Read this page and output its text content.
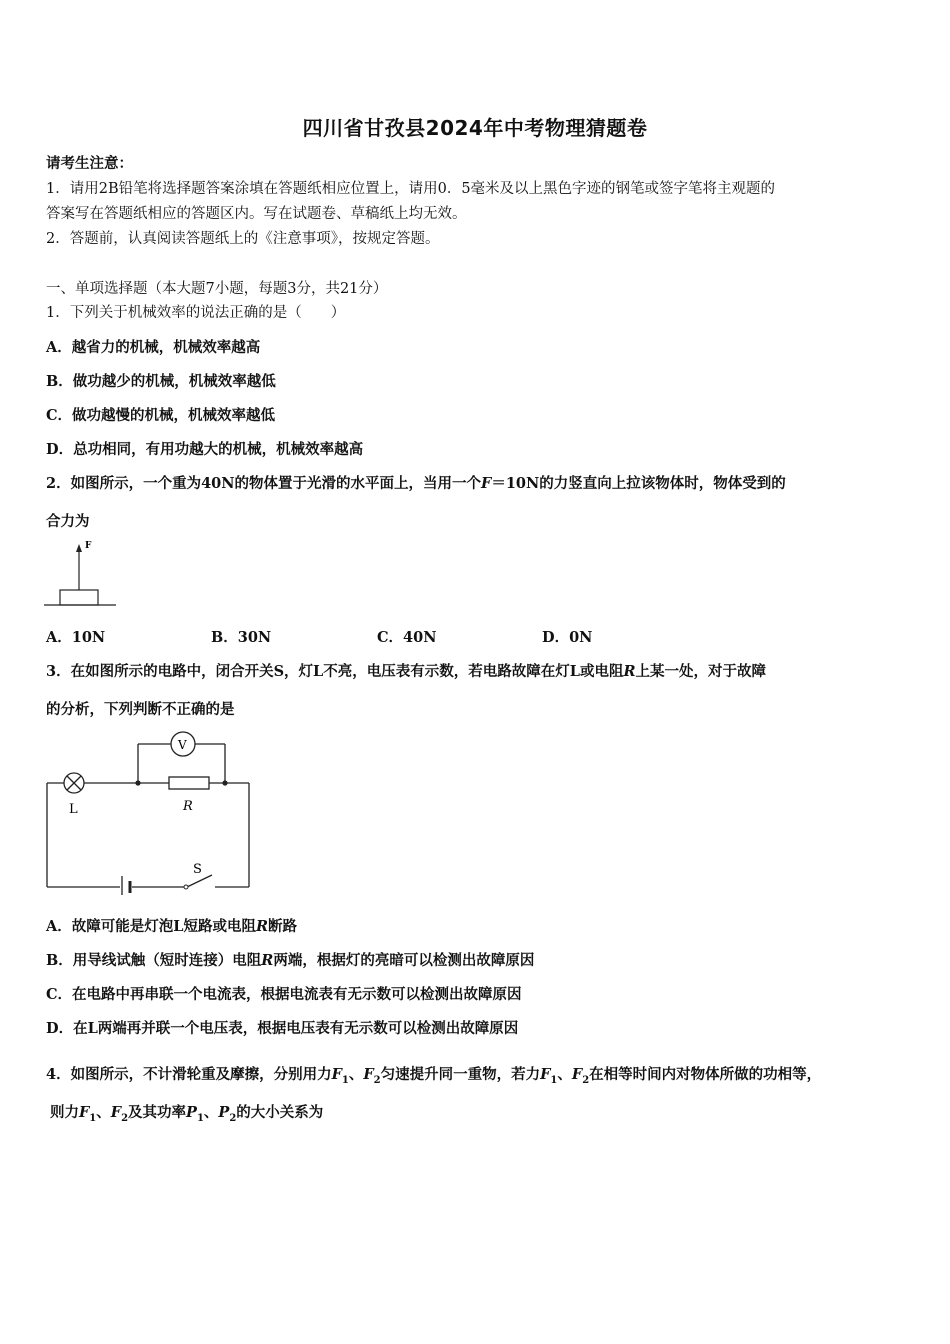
四川省甘孜县2024年中考物理猜题卷
请考生注意：
1．请用2B铅笔将选择题答案涂填在答题纸相应位置上，请用0．5毫米及以上黑色字迹的钢笔或签字笔将主观题的
答案写在答题纸相应的答题区内。写在试题卷、草稿纸上均无效。
2．答题前，认真阅读答题纸上的《注意事项》，按规定答题。
一、单项选择题（本大题7小题，每题3分，共21分）
1．下列关于机械效率的说法正确的是（　　）
A．越省力的机械，机械效率越高
B．做功越少的机械，机械效率越低
C．做功越慢的机械，机械效率越低
D．总功相同，有用功越大的机械，机械效率越高
2．如图所示，一个重为40N的物体置于光滑的水平面上，当用一个F＝10N的力竖直向上拉该物体时，物体受到的
合力为
F
A．10N	B．30N	C．40N	D．0N
3．在如图所示的电路中，闭合开关S，灯L不亮，电压表有示数，若电路故障在灯L或电阻R上某一处，对于故障
的分析，下列判断不正确的是
V
L	R
S
A．故障可能是灯泡L短路或电阻R断路
B．用导线试触（短时连接）电阻R两端，根据灯的亮暗可以检测出故障原因
C．在电路中再串联一个电流表，根据电流表有无示数可以检测出故障原因
D．在L两端再并联一个电压表，根据电压表有无示数可以检测出故障原因
4．如图所示，不计滑轮重及摩擦，分别用力$F_1$、$F_2$匀速提升同一重物，若力$F_1$、$F_2$在相等时间内对物体所做的功相等，
则力$F_1$、$F_2$及其功率$P_1$、$P_2$的大小关系为
